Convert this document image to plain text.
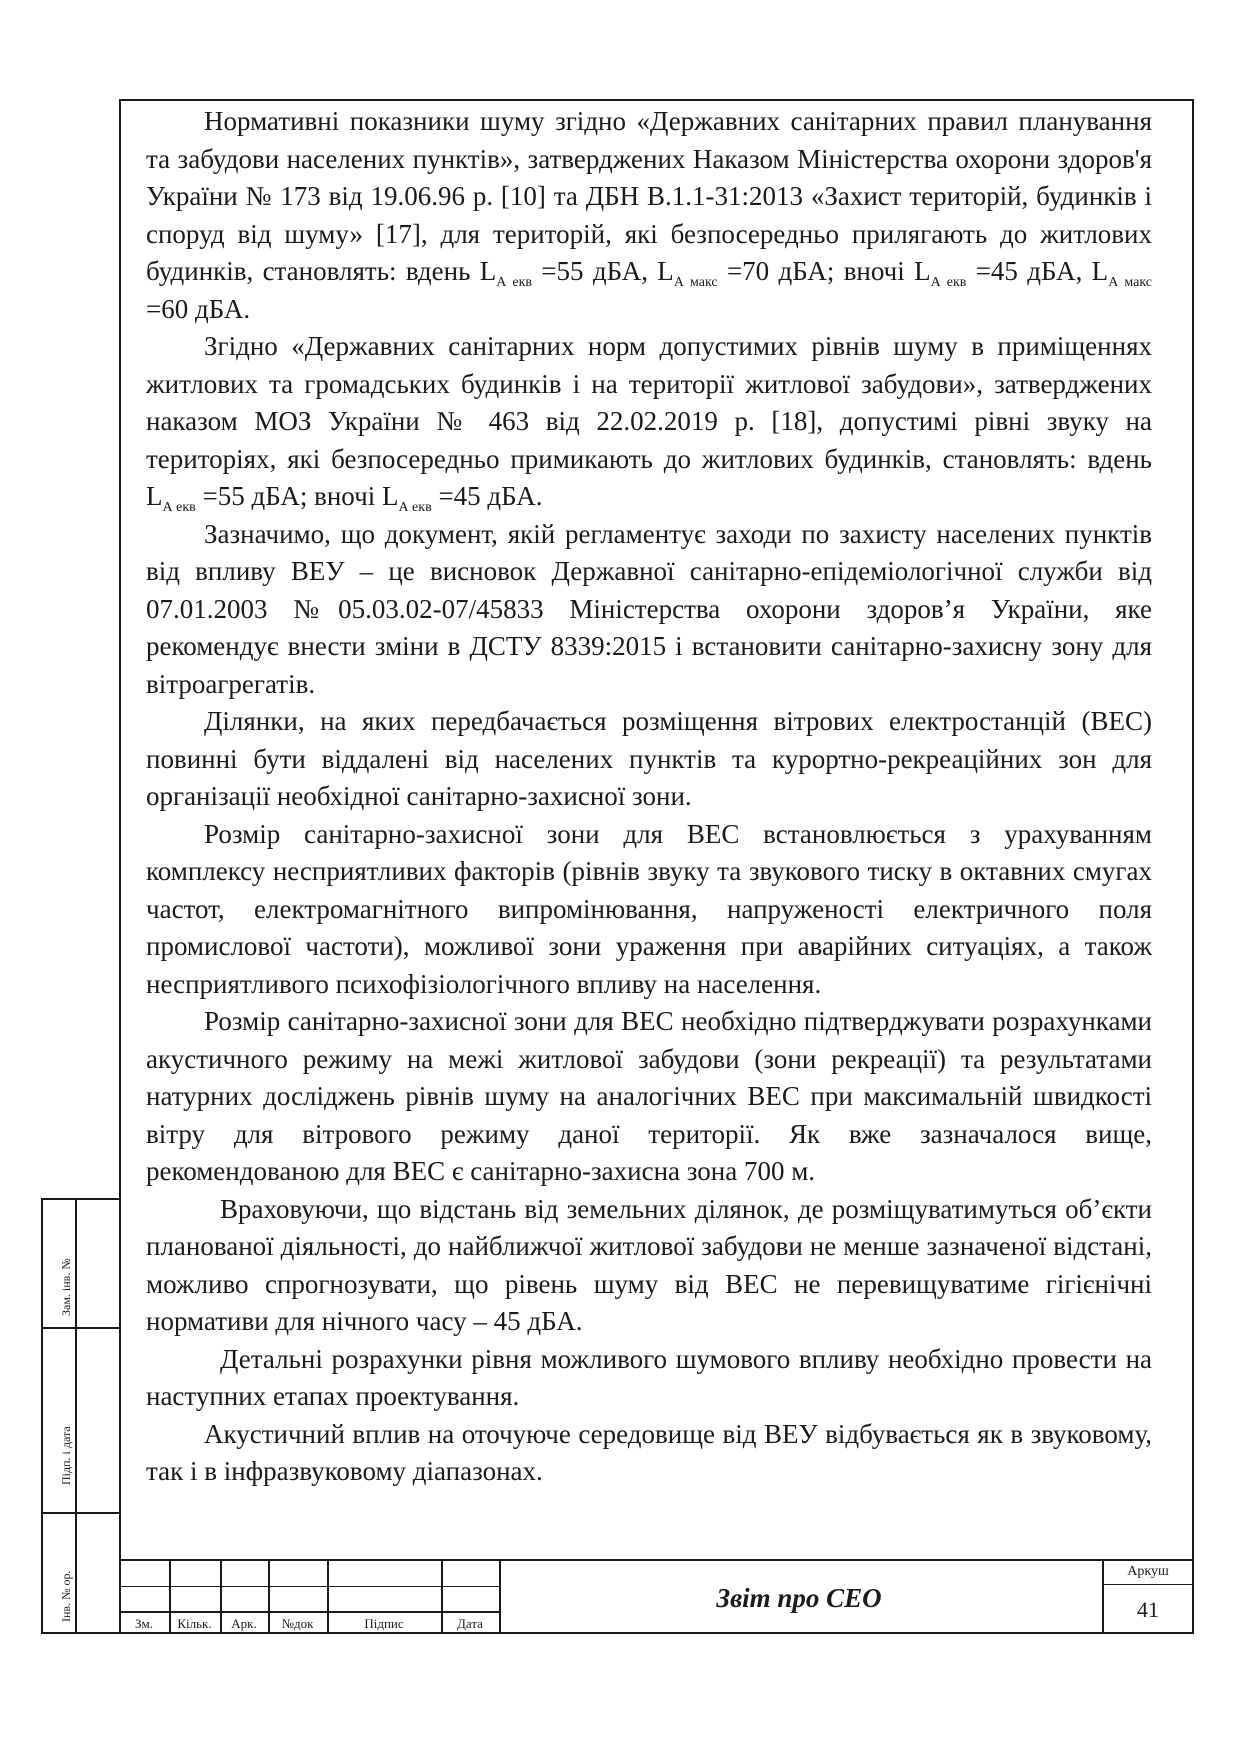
Нормативні показники шуму згідно «Державних санітарних правил планування та забудови населених пунктів», затверджених Наказом Міністерства охорони здоров'я України № 173 від 19.06.96 р. [10] та ДБН В.1.1-31:2013 «Захист територій, будинків і споруд від шуму» [17], для територій, які безпосередньо прилягають до житлових будинків, становлять: вдень $L_{А екв} =55$ дБА, $L_{А макс} =70$ дБА; вночі $L_{А екв} =45$ дБА, $L_{А макс} =60$ дБА.

Згідно «Державних санітарних норм допустимих рівнів шуму в приміщеннях житлових та громадських будинків і на території житлової забудови», затверджених наказом МОЗ України № 463 від 22.02.2019 р. [18], допустимі рівні звуку на територіях, які безпосередньо примикають до житлових будинків, становлять: вдень $L_{А екв} =55$ дБА; вночі $L_{А екв} =45$ дБА.

Зазначимо, що документ, якій регламентує заходи по захисту населених пунктів від впливу ВЕУ – це висновок Державної санітарно-епідеміологічної служби від 07.01.2003 №05.03.02-07/45833 Міністерства охорони здоров’я України, яке рекомендує внести зміни в ДСТУ 8339:2015 і встановити санітарно-захисну зону для вітроагрегатів.

Ділянки, на яких передбачається розміщення вітрових електростанцій (ВЕС) повинні бути віддалені від населених пунктів та курортно-рекреаційних зон для організації необхідної санітарно-захисної зони.

Розмір санітарно-захисної зони для ВЕС встановлюється з урахуванням комплексу несприятливих факторів (рівнів звуку та звукового тиску в октавних смугах частот, електромагнітного випромінювання, напруженості електричного поля промислової частоти), можливої зони ураження при аварійних ситуаціях, а також несприятливого психофізіологічного впливу на населення.

Розмір санітарно-захисної зони для ВЕС необхідно підтверджувати розрахунками акустичного режиму на межі житлової забудови (зони рекреації) та результатами натурних досліджень рівнів шуму на аналогічних ВЕС при максимальній швидкості вітру для вітрового режиму даної території. Як вже зазначалося вище, рекомендованою для ВЕС є санітарно-захисна зона 700 м.

Враховуючи, що відстань від земельних ділянок, де розміщуватимуться об’єкти планованої діяльності, до найближчої житлової забудови не менше зазначеної відстані, можливо спрогнозувати, що рівень шуму від ВЕС не перевищуватиме гігієнічні нормативи для нічного часу – 45 дБА.

Детальні розрахунки рівня можливого шумового впливу необхідно провести на наступних етапах проектування.

Акустичний вплив на оточуюче середовище від ВЕУ відбувається як в звуковому, так і в інфразвуковому діапазонах.

Зам. інв. №
Підп. і дата
Інв. № ор.
Зм.	Кільк.	Арк.	№док	Підпис	Дата
Звіт про СЕО
Аркуш
41
